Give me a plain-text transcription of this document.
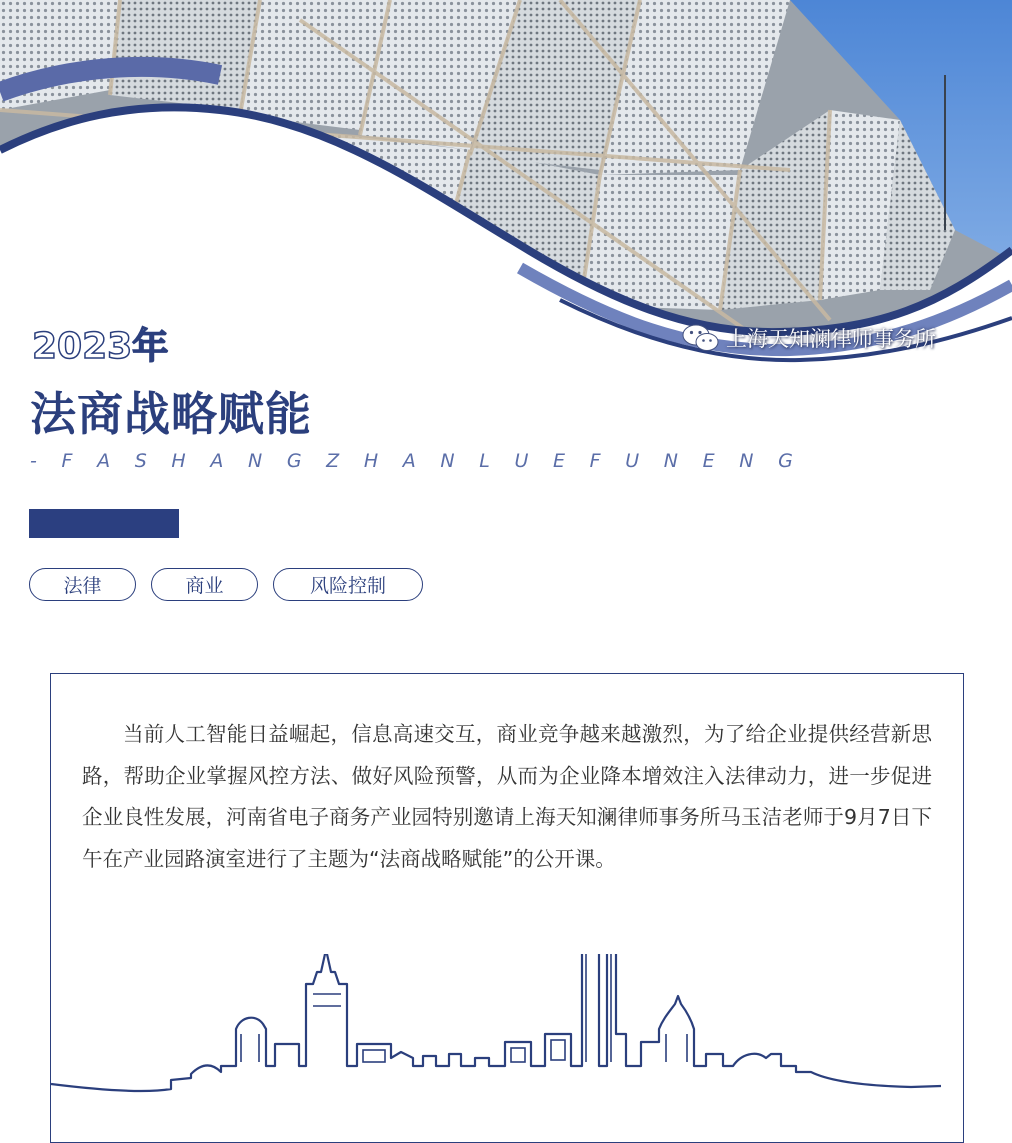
上海天知澜律师事务所
2023年
法商战略赋能
- F A S H A N G Z H A N L U E F U N E N G
法律	商业	风险控制

当前人工智能日益崛起，信息高速交互，商业竞争越来越激烈，为了给企业提供经营新思路，帮助企业掌握风控方法、做好风险预警，从而为企业降本增效注入法律动力，进一步促进企业良性发展，河南省电子商务产业园特别邀请上海天知澜律师事务所马玉洁老师于9月7日下午在产业园路演室进行了主题为“法商战略赋能”的公开课。
